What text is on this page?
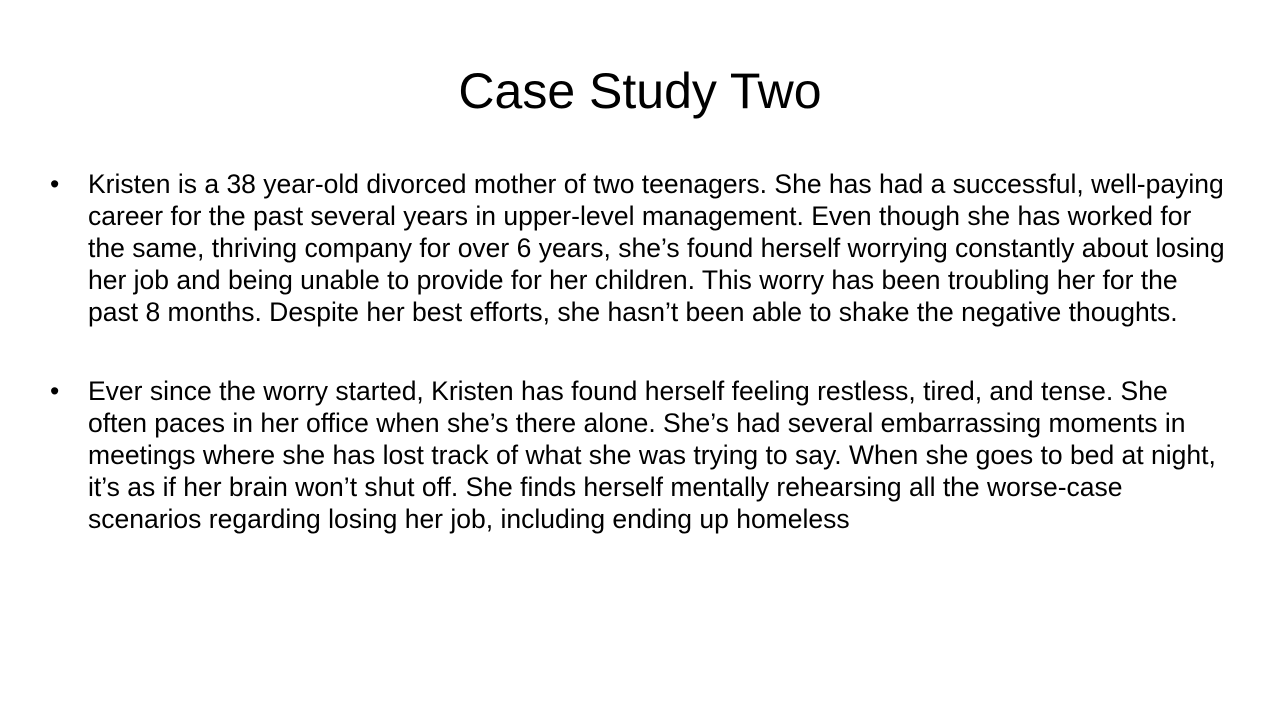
Case Study Two
•	Kristen is a 38 year-old divorced mother of two teenagers. She has had a successful, well-paying career for the past several years in upper-level management. Even though she has worked for the same, thriving company for over 6 years, she’s found herself worrying constantly about losing her job and being unable to provide for her children. This worry has been troubling her for the past 8 months. Despite her best efforts, she hasn’t been able to shake the negative thoughts.
•	Ever since the worry started, Kristen has found herself feeling restless, tired, and tense. She often paces in her office when she’s there alone. She’s had several embarrassing moments in meetings where she has lost track of what she was trying to say. When she goes to bed at night, it’s as if her brain won’t shut off. She finds herself mentally rehearsing all the worse-case scenarios regarding losing her job, including ending up homeless
